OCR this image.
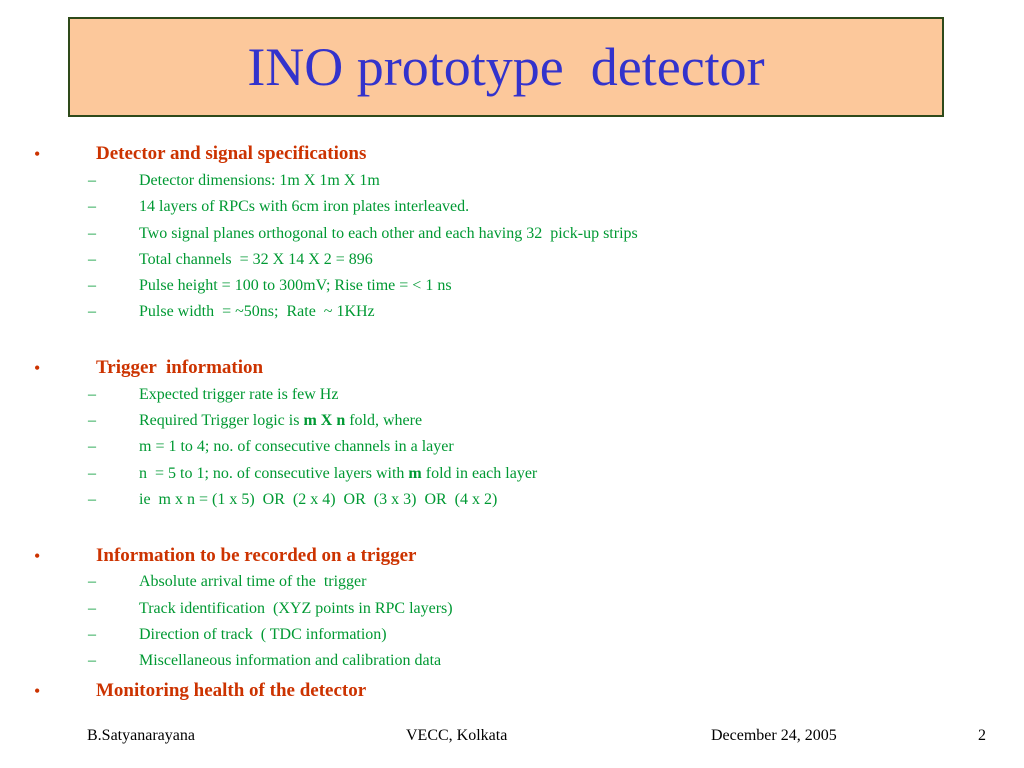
INO prototype  detector
•	Detector and signal specifications
–	Detector dimensions: 1m X 1m X 1m
–	14 layers of RPCs with 6cm iron plates interleaved.
–	Two signal planes orthogonal to each other and each having 32  pick-up strips
–	Total channels  = 32 X 14 X 2 = 896
–	Pulse height = 100 to 300mV; Rise time = < 1 ns
–	Pulse width  = ~50ns;  Rate  ~ 1KHz
•	Trigger  information
–	Expected trigger rate is few Hz
–	Required Trigger logic is m X n fold, where
–	m = 1 to 4; no. of consecutive channels in a layer
–	n  = 5 to 1; no. of consecutive layers with m fold in each layer
–	ie  m x n = (1 x 5)  OR  (2 x 4)  OR  (3 x 3)  OR  (4 x 2)
•	Information to be recorded on a trigger
–	Absolute arrival time of the  trigger
–	Track identification  (XYZ points in RPC layers)
–	Direction of track  ( TDC information)
–	Miscellaneous information and calibration data
•	Monitoring health of the detector
B.Satyanarayana	VECC, Kolkata	December 24, 2005	2
